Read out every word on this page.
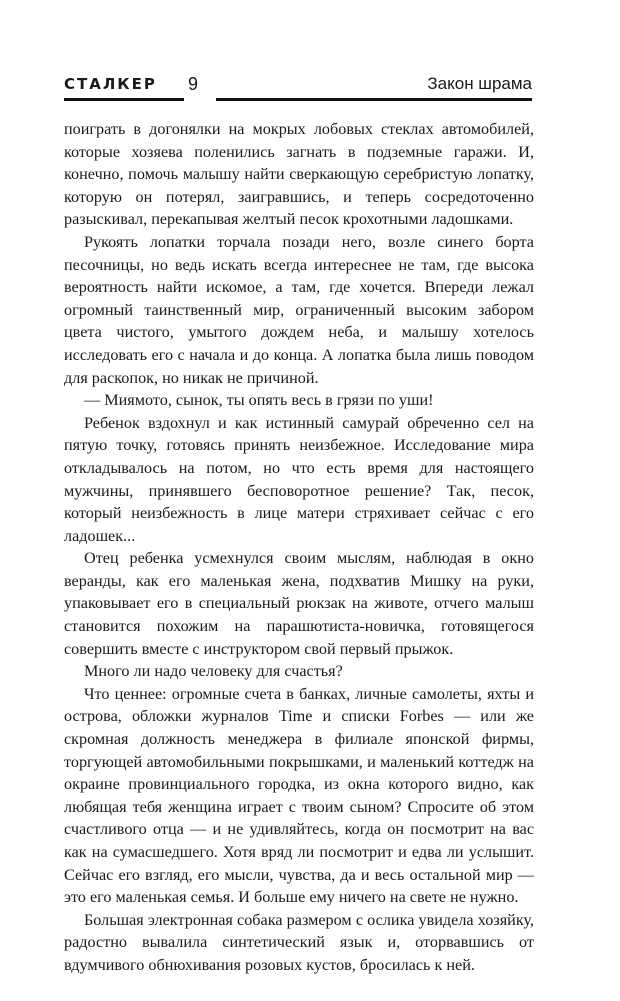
СТАЛКЕР 9	Закон шрама

поиграть в догонялки на мокрых лобовых стеклах автомобилей, которые хозяева поленились загнать в подземные гаражи. И, конечно, помочь малышу найти сверкающую серебристую лопатку, которую он потерял, заигравшись, и теперь сосредоточенно разыскивал, перекапывая желтый песок крохотными ладошками.

Рукоять лопатки торчала позади него, возле синего борта песочницы, но ведь искать всегда интереснее не там, где высока вероятность найти искомое, а там, где хочется. Впереди лежал огромный таинственный мир, ограниченный высоким забором цвета чистого, умытого дождем неба, и малышу хотелось исследовать его с начала и до конца. А лопатка была лишь поводом для раскопок, но никак не причиной.

— Миямото, сынок, ты опять весь в грязи по уши!

Ребенок вздохнул и как истинный самурай обреченно сел на пятую точку, готовясь принять неизбежное. Исследование мира откладывалось на потом, но что есть время для настоящего мужчины, принявшего бесповоротное решение? Так, песок, который неизбежность в лице матери стряхивает сейчас с его ладошек...

Отец ребенка усмехнулся своим мыслям, наблюдая в окно веранды, как его маленькая жена, подхватив Мишку на руки, упаковывает его в специальный рюкзак на животе, отчего малыш становится похожим на парашютиста-новичка, готовящегося совершить вместе с инструктором свой первый прыжок.

Много ли надо человеку для счастья?

Что ценнее: огромные счета в банках, личные самолеты, яхты и острова, обложки журналов Time и списки Forbes — или же скромная должность менеджера в филиале японской фирмы, торгующей автомобильными покрышками, и маленький коттедж на окраине провинциального городка, из окна которого видно, как любящая тебя женщина играет с твоим сыном? Спросите об этом счастливого отца — и не удивляйтесь, когда он посмотрит на вас как на сумасшедшего. Хотя вряд ли посмотрит и едва ли услышит. Сейчас его взгляд, его мысли, чувства, да и весь остальной мир — это его маленькая семья. И больше ему ничего на свете не нужно.

Большая электронная собака размером с ослика увидела хозяйку, радостно вывалила синтетический язык и, оторвавшись от вдумчивого обнюхивания розовых кустов, бросилась к ней.
